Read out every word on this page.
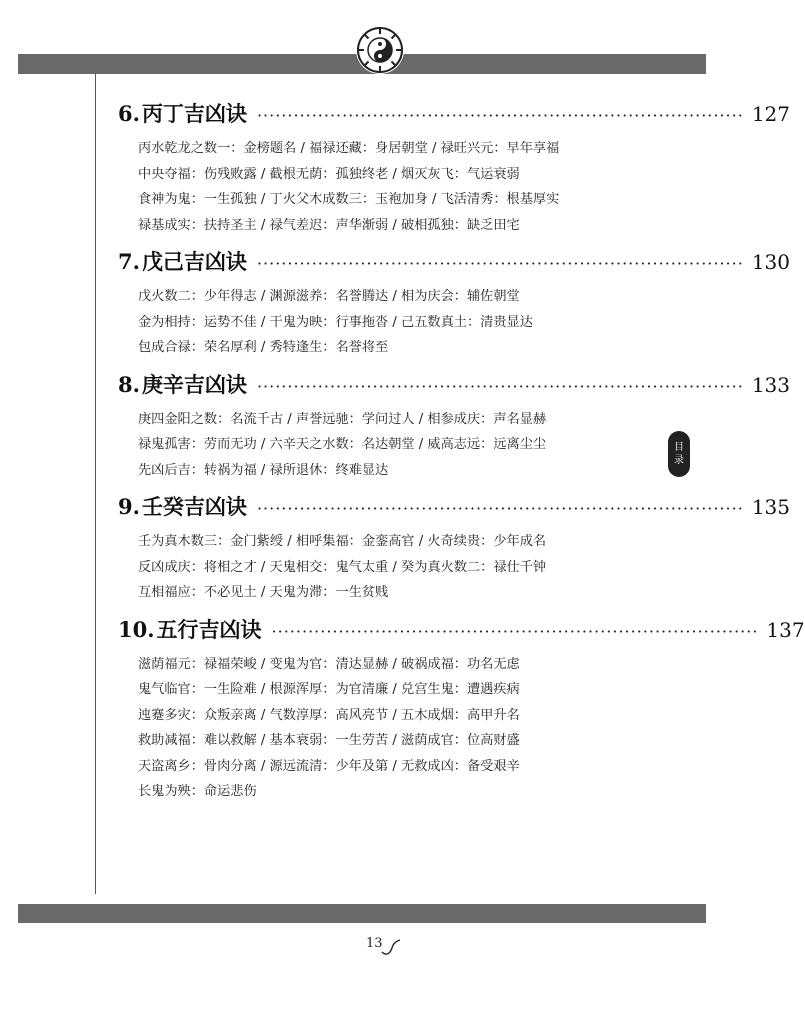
6. 丙丁吉凶诀 ················································································ 127
丙水乾龙之数一：金榜题名 / 福禄还藏：身居朝堂 / 禄旺兴元：早年享福
中央夺福：伤残败露 / 截根无荫：孤独终老 / 烟灭灰飞：气运衰弱
食神为鬼：一生孤独 / 丁火父木成数三：玉袍加身 / 飞活清秀：根基厚实
禄基成实：扶持圣主 / 禄气差迟：声华渐弱 / 破相孤独：缺乏田宅
7. 戊己吉凶诀 ················································································ 130
戊火数二：少年得志 / 渊源滋养：名誉腾达 / 相为庆会：辅佐朝堂
金为相持：运势不佳 / 干鬼为映：行事拖沓 / 己五数真土：清贵显达
包成合禄：荣名厚利 / 秀特逢生：名誉将至
8. 庚辛吉凶诀 ················································································ 133
庚四金阳之数：名流千古 / 声誉远驰：学问过人 / 相参成庆：声名显赫
禄鬼孤害：劳而无功 / 六辛天之水数：名达朝堂 / 威高志远：远离尘尘
先凶后吉：转祸为福 / 禄所退休：终难显达
9. 壬癸吉凶诀 ················································································ 135
壬为真木数三：金门紫绶 / 相呼集福：金銮高官 / 火奇续贵：少年成名
反凶成庆：将相之才 / 天鬼相交：鬼气太重 / 癸为真火数二：禄仕千钟
互相福应：不必见土 / 天鬼为滞：一生贫贱
10. 五行吉凶诀 ················································································ 137
滋荫福元：禄福荣峻 / 变鬼为官：清达显赫 / 破祸成福：功名无虑
鬼气临官：一生险难 / 根源浑厚：为官清廉 / 兑宫生鬼：遭遇疾病
迍蹇多灾：众叛亲离 / 气数淳厚：高风亮节 / 五木成烟：高甲升名
救助减福：难以救解 / 基本衰弱：一生劳苦 / 滋荫成官：位高财盛
天盗离乡：骨肉分离 / 源远流清：少年及第 / 无救成凶：备受艰辛
长鬼为殃：命运悲伤
目
录
13
